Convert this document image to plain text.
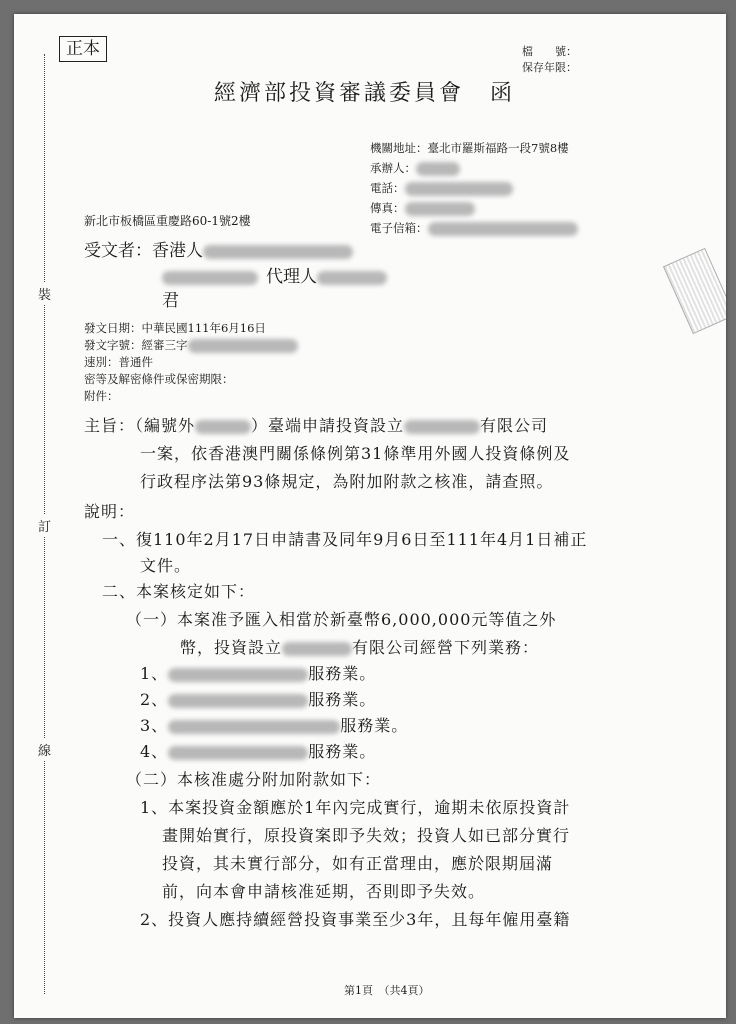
裝
訂
線
正本	檔　　號：
保存年限：
經濟部投資審議委員會 函
機關地址：臺北市羅斯福路一段7號8樓
承辦人：
電話：
傳真：
電子信箱：
新北市板橋區重慶路60-1號2樓
受文者：香港人
代理人
君
發文日期：中華民國111年6月16日
發文字號：經審三字
速別：普通件
密等及解密條件或保密期限：
附件：
主旨：（編號外	）臺端申請投資設立	有限公司
一案，依香港澳門關係條例第31條準用外國人投資條例及
行政程序法第93條規定，為附加附款之核准，請查照。
說明：
一、復110年2月17日申請書及同年9月6日至111年4月1日補正
文件。
二、本案核定如下：
（一）本案准予匯入相當於新臺幣6,000,000元等值之外
幣，投資設立	有限公司經營下列業務：
1、	服務業。
2、	服務業。
3、	服務業。
4、	服務業。
（二）本核准處分附加附款如下：
1、本案投資金額應於1年內完成實行，逾期未依原投資計
畫開始實行，原投資案即予失效；投資人如已部分實行
投資，其未實行部分，如有正當理由，應於限期屆滿
前，向本會申請核准延期，否則即予失效。
2、投資人應持續經營投資事業至少3年，且每年僱用臺籍
第1頁　（共4頁）
